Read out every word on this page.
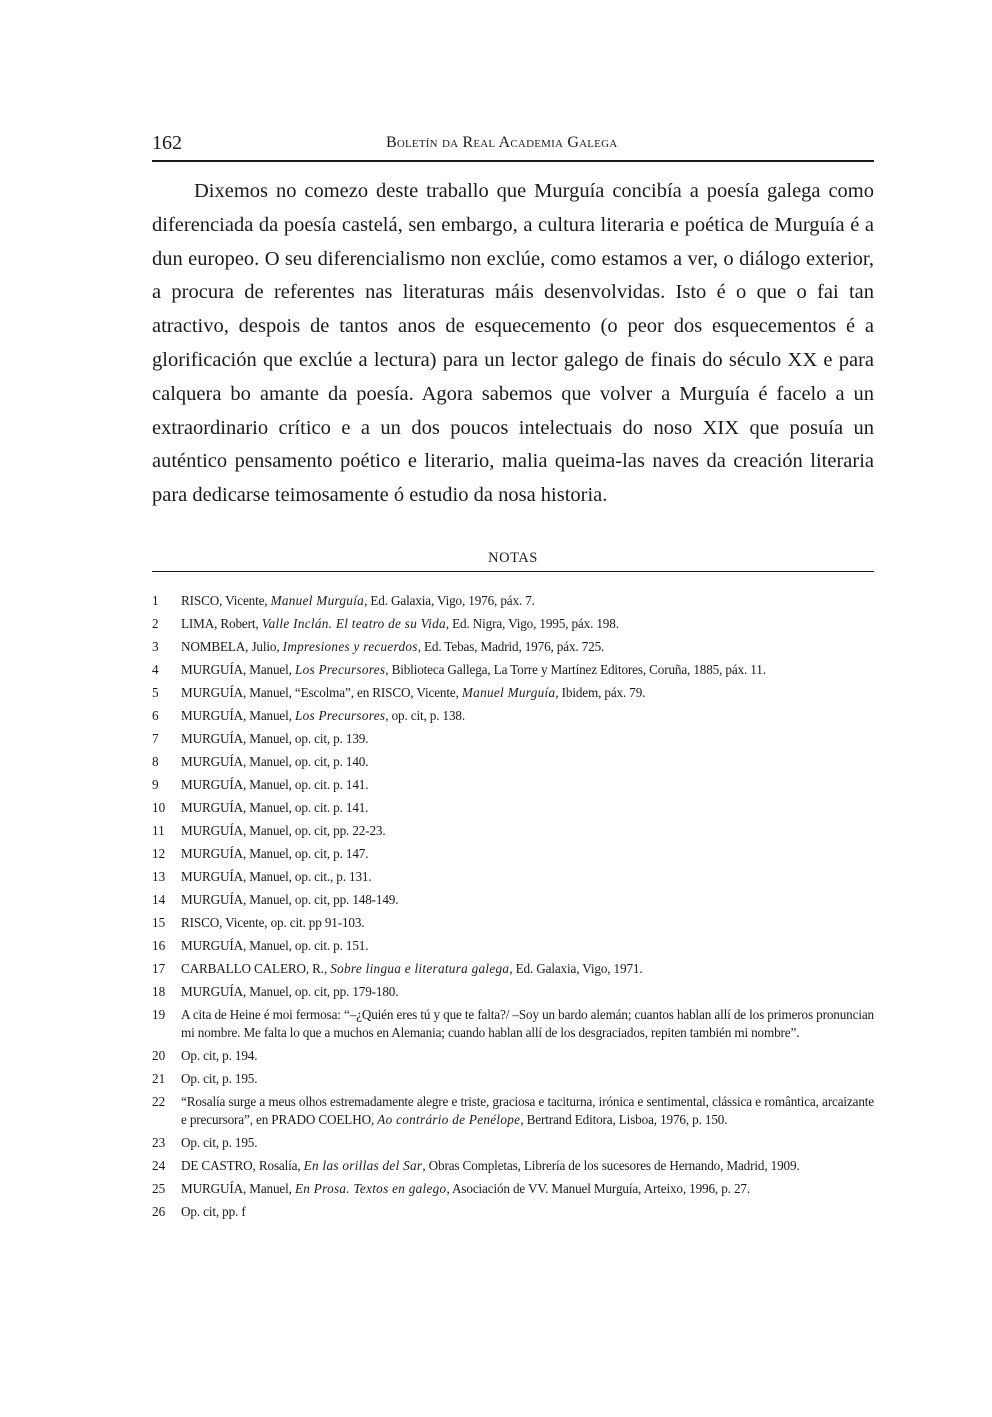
162	Boletín da Real Academia Galega

Dixemos no comezo deste traballo que Murguía concibía a poesía galega como diferenciada da poesía castelá, sen embargo, a cultura literaria e poética de Murguía é a dun europeo. O seu diferencialismo non exclúe, como estamos a ver, o diálogo exterior, a procura de referentes nas literaturas máis desenvolvidas. Isto é o que o fai tan atractivo, despois de tantos anos de esquecemento (o peor dos esquecementos é a glorificación que exclúe a lectura) para un lector galego de finais do século XX e para calquera bo amante da poesía. Agora sabemos que volver a Murguía é facelo a un extraordinario crítico e a un dos poucos intelectuais do noso XIX que posuía un auténtico pensamento poético e literario, malia queima-las naves da creación literaria para dedicarse teimosamente ó estudio da nosa historia.

NOTAS
1	RISCO, Vicente, Manuel Murguía, Ed. Galaxia, Vigo, 1976, páx. 7.
2	LIMA, Robert, Valle Inclán. El teatro de su Vida, Ed. Nigra, Vigo, 1995, páx. 198.
3	NOMBELA, Julio, Impresiones y recuerdos, Ed. Tebas, Madrid, 1976, páx. 725.
4	MURGUÍA, Manuel, Los Precursores, Biblioteca Gallega, La Torre y Martínez Editores, Coruña, 1885, páx. 11.
5	MURGUÍA, Manuel, “Escolma”, en RISCO, Vicente, Manuel Murguía, Ibidem, páx. 79.
6	MURGUÍA, Manuel, Los Precursores, op. cit, p. 138.
7	MURGUÍA, Manuel, op. cit, p. 139.
8	MURGUÍA, Manuel, op. cit, p. 140.
9	MURGUÍA, Manuel, op. cit. p. 141.
10	MURGUÍA, Manuel, op. cit. p. 141.
11	MURGUÍA, Manuel, op. cit, pp. 22-23.
12	MURGUÍA, Manuel, op. cit, p. 147.
13	MURGUÍA, Manuel, op. cit., p. 131.
14	MURGUÍA, Manuel, op. cit, pp. 148-149.
15	RISCO, Vicente, op. cit. pp 91-103.
16	MURGUÍA, Manuel, op. cit. p. 151.
17	CARBALLO CALERO, R., Sobre lingua e literatura galega, Ed. Galaxia, Vigo, 1971.
18	MURGUÍA, Manuel, op. cit, pp. 179-180.
19	A cita de Heine é moi fermosa: “–¿Quién eres tú y que te falta?/ –Soy un bardo alemán; cuantos hablan allí de los primeros pronuncian mi nombre. Me falta lo que a muchos en Alemania; cuando hablan allí de los desgraciados, repiten también mi nombre”.
20	Op. cit, p. 194.
21	Op. cit, p. 195.
22	“Rosalía surge a meus olhos estremadamente alegre e triste, graciosa e taciturna, irónica e sentimental, clássica e romântica, arcaizante e precursora”, en PRADO COELHO, Ao contrário de Penélope, Bertrand Editora, Lisboa, 1976, p. 150.
23	Op. cit, p. 195.
24	DE CASTRO, Rosalía, En las orillas del Sar, Obras Completas, Librería de los sucesores de Hernando, Madrid, 1909.
25	MURGUÍA, Manuel, En Prosa. Textos en galego, Asociación de VV. Manuel Murguía, Arteixo, 1996, p. 27.
26	Op. cit, pp. f
